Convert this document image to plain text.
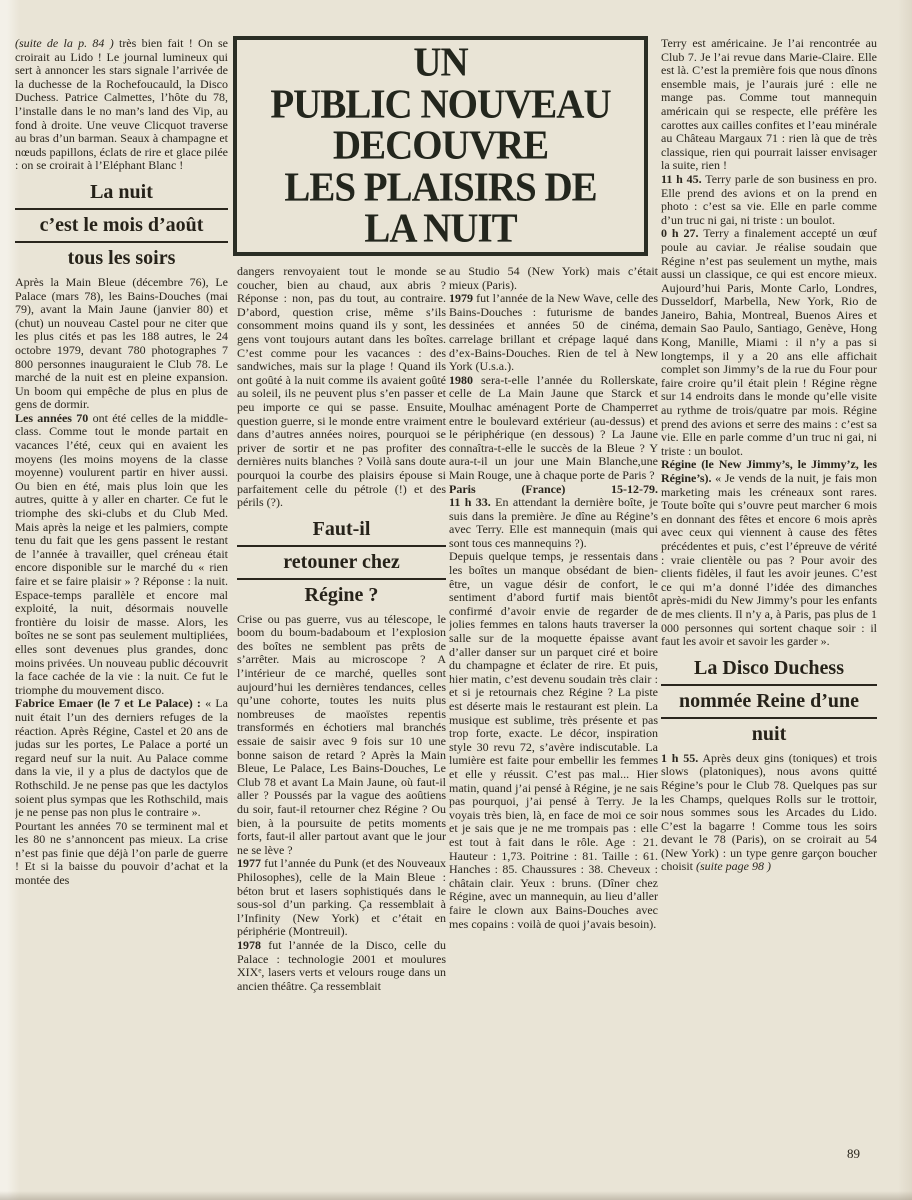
UN
PUBLIC NOUVEAU
DECOUVRE
LES PLAISIRS DE
LA NUIT

(suite de la p. 84 ) très bien fait ! On se croirait au Lido ! Le journal lumineux qui sert à annoncer les stars signale l’arrivée de la duchesse de la Rochefoucauld, la Disco Duchess. Patrice Calmettes, l’hôte du 78, l’installe dans le no man’s land des Vip, au fond à droite. Une veuve Clicquot traverse au bras d’un barman. Seaux à champagne et nœuds papillons, éclats de rire et glace pilée : on se croirait à l’Eléphant Blanc !

La nuit
c’est le mois d’août
tous les soirs

Après la Main Bleue (décembre 76), Le Palace (mars 78), les Bains-Douches (mai 79), avant la Main Jaune (janvier 80) et (chut) un nouveau Castel pour ne citer que les plus cités et pas les 188 autres, le 24 octobre 1979, devant 780 photographes 7 800 personnes inauguraient le Club 78. Le marché de la nuit est en pleine expansion. Un boom qui empêche de plus en plus de gens de dormir.

Les années 70 ont été celles de la middle-class. Comme tout le monde partait en vacances l’été, ceux qui en avaient les moyens (les moins moyens de la classe moyenne) voulurent partir en hiver aussi. Ou bien en été, mais plus loin que les autres, quitte à y aller en charter. Ce fut le triomphe des ski-clubs et du Club Med. Mais après la neige et les palmiers, compte tenu du fait que les gens passent le restant de l’année à travailler, quel créneau était encore disponible sur le marché du « rien faire et se faire plaisir » ? Réponse : la nuit. Espace-temps parallèle et encore mal exploité, la nuit, désormais nouvelle frontière du loisir de masse. Alors, les boîtes ne se sont pas seulement multipliées, elles sont devenues plus grandes, donc moins privées. Un nouveau public découvrit la face cachée de la vie : la nuit. Ce fut le triomphe du mouvement disco.

Fabrice Emaer (le 7 et Le Palace) : « La nuit était l’un des derniers refuges de la réaction. Après Régine, Castel et 20 ans de judas sur les portes, Le Palace a porté un regard neuf sur la nuit. Au Palace comme dans la vie, il y a plus de dactylos que de Rothschild. Je ne pense pas que les dactylos soient plus sympas que les Rothschild, mais je ne pense pas non plus le contraire ».

Pourtant les années 70 se terminent mal et les 80 ne s’annoncent pas mieux. La crise n’est pas finie que déjà l’on parle de guerre ! Et si la baisse du pouvoir d’achat et la montée des

dangers renvoyaient tout le monde se coucher, bien au chaud, aux abris ? Réponse : non, pas du tout, au contraire. D’abord, question crise, même s’ils consomment moins quand ils y sont, les gens vont toujours autant dans les boîtes. C’est comme pour les vacances : des sandwiches, mais sur la plage ! Quand ils ont goûté à la nuit comme ils avaient goûté au soleil, ils ne peuvent plus s’en passer et peu importe ce qui se passe. Ensuite, question guerre, si le monde entre vraiment dans d’autres années noires, pourquoi se priver de sortir et ne pas profiter des dernières nuits blanches ? Voilà sans doute pourquoi la courbe des plaisirs épouse si parfaitement celle du pétrole (!) et des périls (?).

Faut-il
retouner chez
Régine ?

Crise ou pas guerre, vus au télescope, le boom du boum-badaboum et l’explosion des boîtes ne semblent pas prêts de s’arrêter. Mais au microscope ? A l’intérieur de ce marché, quelles sont aujourd’hui les dernières tendances, celles qu’une cohorte, toutes les nuits plus nombreuses de maoïstes repentis transformés en échotiers mal branchés essaie de saisir avec 9 fois sur 10 une bonne saison de retard ? Après la Main Bleue, Le Palace, Les Bains-Douches, Le Club 78 et avant La Main Jaune, où faut-il aller ? Poussés par la vague des aoûtiens du soir, faut-il retourner chez Régine ? Ou bien, à la poursuite de petits moments forts, faut-il aller partout avant que le jour ne se lève ?

1977 fut l’année du Punk (et des Nouveaux Philosophes), celle de la Main Bleue : béton brut et lasers sophistiqués dans le sous-sol d’un parking. Ça ressemblait à l’Infinity (New York) et c’était en périphérie (Montreuil).

1978 fut l’année de la Disco, celle du Palace : technologie 2001 et moulures XIXᵉ, lasers verts et velours rouge dans un ancien théâtre. Ça ressemblait

au Studio 54 (New York) mais c’était mieux (Paris).

1979 fut l’année de la New Wave, celle des Bains-Douches : futurisme de bandes dessinées et années 50 de cinéma, carrelage brillant et crépage laqué dans d’ex-Bains-Douches. Rien de tel à New York (U.s.a.).

1980 sera-t-elle l’année du Rollerskate, celle de La Main Jaune que Starck et Moulhac aménagent Porte de Champerret entre le boulevard extérieur (au-dessus) et le périphérique (en dessous) ? La Jaune connaîtra-t-elle le succès de la Bleue ? Y aura-t-il un jour une Main Blanche,une Main Rouge, une à chaque porte de Paris ?

Paris (France) 15-12-79.
11 h 33. En attendant la dernière boîte, je suis dans la première. Je dîne au Régine’s avec Terry. Elle est mannequin (mais qui sont tous ces mannequins ?).

Depuis quelque temps, je ressentais dans les boîtes un manque obsédant de bien-être, un vague désir de confort, le sentiment d’abord furtif mais bientôt confirmé d’avoir envie de regarder de jolies femmes en talons hauts traverser la salle sur de la moquette épaisse avant d’aller danser sur un parquet ciré et boire du champagne et éclater de rire. Et puis, hier matin, c’est devenu soudain très clair : et si je retournais chez Régine ? La piste est déserte mais le restaurant est plein. La musique est sublime, très présente et pas trop forte, exacte. Le décor, inspiration style 30 revu 72, s’avère indiscutable. La lumière est faite pour embellir les femmes et elle y réussit. C’est pas mal... Hier matin, quand j’ai pensé à Régine, je ne sais pas pourquoi, j’ai pensé à Terry. Je la voyais très bien, là, en face de moi ce soir et je sais que je ne me trompais pas : elle est tout à fait dans le rôle. Age : 21. Hauteur : 1,73. Poitrine : 81. Taille : 61. Hanches : 85. Chaussures : 38. Cheveux : châtain clair. Yeux : bruns. (Dîner chez Régine, avec un mannequin, au lieu d’aller faire le clown aux Bains-Douches avec mes copains : voilà de quoi j’avais besoin).

Terry est américaine. Je l’ai rencontrée au Club 7. Je l’ai revue dans Marie-Claire. Elle est là. C’est la première fois que nous dînons ensemble mais, je l’aurais juré : elle ne mange pas. Comme tout mannequin américain qui se respecte, elle préfère les carottes aux cailles confites et l’eau minérale au Château Margaux 71 : rien là que de très classique, rien qui pourrait laisser envisager la suite, rien !

11 h 45. Terry parle de son business en pro. Elle prend des avions et on la prend en photo : c’est sa vie. Elle en parle comme d’un truc ni gai, ni triste : un boulot.

0 h 27. Terry a finalement accepté un œuf poule au caviar. Je réalise soudain que Régine n’est pas seulement un mythe, mais aussi un classique, ce qui est encore mieux. Aujourd’hui Paris, Monte Carlo, Londres, Dusseldorf, Marbella, New York, Rio de Janeiro, Bahia, Montreal, Buenos Aires et demain Sao Paulo, Santiago, Genève, Hong Kong, Manille, Miami : il n’y a pas si longtemps, il y a 20 ans elle affichait complet son Jimmy’s de la rue du Four pour faire croire qu’il était plein ! Régine règne sur 14 endroits dans le monde qu’elle visite au rythme de trois/quatre par mois. Régine prend des avions et serre des mains : c’est sa vie. Elle en parle comme d’un truc ni gai, ni triste : un boulot.

Régine (le New Jimmy’s, le Jimmy’z, les Régine’s). « Je vends de la nuit, je fais mon marketing mais les créneaux sont rares. Toute boîte qui s’ouvre peut marcher 6 mois en donnant des fêtes et encore 6 mois après avec ceux qui viennent à cause des fêtes précédentes et puis, c’est l’épreuve de vérité : vraie clientèle ou pas ? Pour avoir des clients fidèles, il faut les avoir jeunes. C’est ce qui m’a donné l’idée des dimanches après-midi du New Jimmy’s pour les enfants de mes clients. Il n’y a, à Paris, pas plus de 1 000 personnes qui sortent chaque soir : il faut les avoir et savoir les garder ».

La Disco Duchess
nommée Reine d’une
nuit

1 h 55. Après deux gins (toniques) et trois slows (platoniques), nous avons quitté Régine’s pour le Club 78. Quelques pas sur les Champs, quelques Rolls sur le trottoir, nous sommes sous les Arcades du Lido. C’est la bagarre ! Comme tous les soirs devant le 78 (Paris), on se croirait au 54 (New York) : un type genre garçon boucher choisit (suite page 98 )

89
